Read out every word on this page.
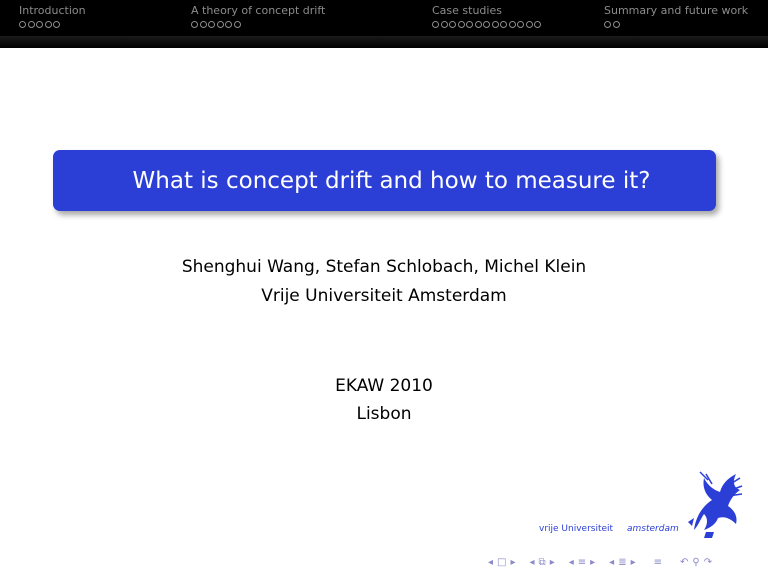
Introduction	A theory of concept drift	Case studies	Summary and future work
What is concept drift and how to measure it?
Shenghui Wang, Stefan Schlobach, Michel Klein
Vrije Universiteit Amsterdam
EKAW 2010
Lisbon
vrije Universiteit amsterdam
◂ □ ▸ ◂ ⧉ ▸ ◂ ≡ ▸ ◂ ≣ ▸ ≡ ↶ ⚲ ↷
